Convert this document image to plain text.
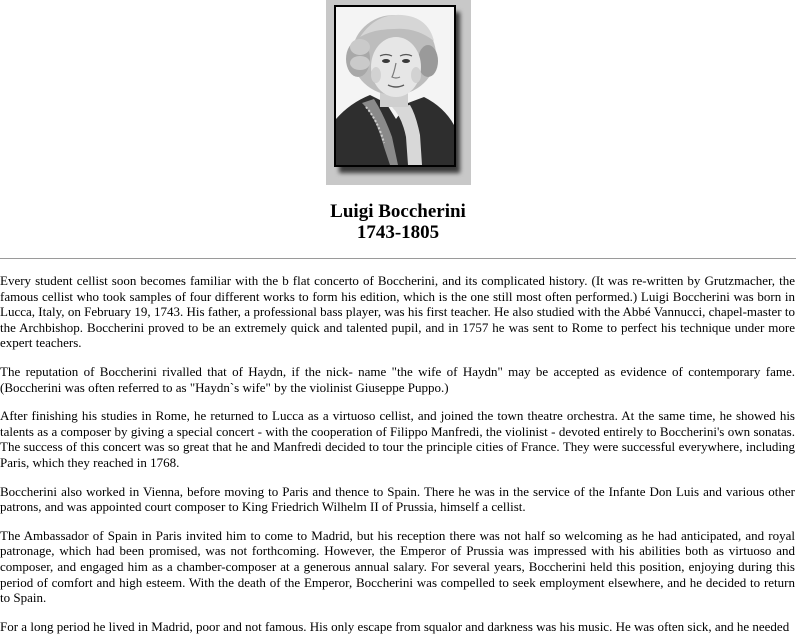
Luigi Boccherini
1743-1805

Every student cellist soon becomes familiar with the b flat concerto of Boccherini, and its complicated history. (It was re-written by Grutzmacher, the famous cellist who took samples of four different works to form his edition, which is the one still most often performed.) Luigi Boccherini was born in Lucca, Italy, on February 19, 1743. His father, a professional bass player, was his first teacher. He also studied with the Abbé Vannucci, chapel-master to the Archbishop. Boccherini proved to be an extremely quick and talented pupil, and in 1757 he was sent to Rome to perfect his technique under more expert teachers.

The reputation of Boccherini rivalled that of Haydn, if the nick- name "the wife of Haydn" may be accepted as evidence of contemporary fame. (Boccherini was often referred to as "Haydn`s wife" by the violinist Giuseppe Puppo.)

After finishing his studies in Rome, he returned to Lucca as a virtuoso cellist, and joined the town theatre orchestra. At the same time, he showed his talents as a composer by giving a special concert - with the cooperation of Filippo Manfredi, the violinist - devoted entirely to Boccherini's own sonatas. The success of this concert was so great that he and Manfredi decided to tour the principle cities of France. They were successful everywhere, including Paris, which they reached in 1768.

Boccherini also worked in Vienna, before moving to Paris and thence to Spain. There he was in the service of the Infante Don Luis and various other patrons, and was appointed court composer to King Friedrich Wilhelm II of Prussia, himself a cellist.

The Ambassador of Spain in Paris invited him to come to Madrid, but his reception there was not half so welcoming as he had anticipated, and royal patronage, which had been promised, was not forthcoming. However, the Emperor of Prussia was impressed with his abilities both as virtuoso and composer, and engaged him as a chamber-composer at a generous annual salary. For several years, Boccherini held this position, enjoying during this period of comfort and high esteem. With the death of the Emperor, Boccherini was compelled to seek employment elsewhere, and he decided to return to Spain.

For a long period he lived in Madrid, poor and not famous. His only escape from squalor and darkness was his music. He was often sick, and he needed
